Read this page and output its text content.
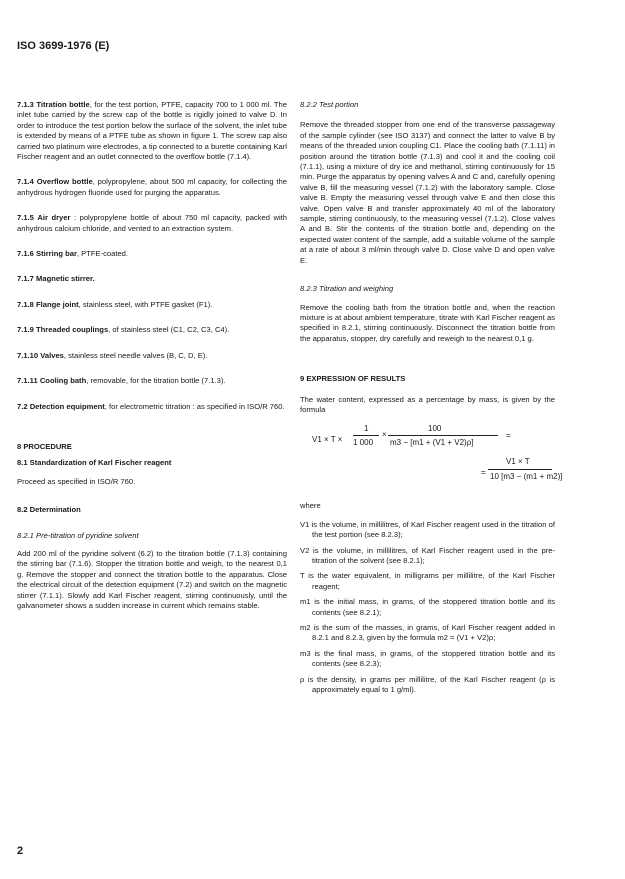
ISO 3699-1976 (E)

7.1.3 Titration bottle, for the test portion, PTFE, capacity 700 to 1 000 ml. The inlet tube carried by the screw cap of the bottle is rigidly joined to valve D. In order to introduce the test portion below the surface of the solvent, the inlet tube is extended by means of a PTFE tube as shown in figure 1. The screw cap also carried two platinum wire electrodes, a tip connected to a burette containing Karl Fischer reagent and an outlet connected to the overflow bottle (7.1.4).

7.1.4 Overflow bottle, polypropylene, about 500 ml capacity, for collecting the anhydrous hydrogen fluoride used for purging the apparatus.

7.1.5 Air dryer : polypropylene bottle of about 750 ml capacity, packed with anhydrous calcium chloride, and vented to an extraction system.

7.1.6 Stirring bar, PTFE-coated.

7.1.7 Magnetic stirrer.

7.1.8 Flange joint, stainless steel, with PTFE gasket (F1).

7.1.9 Threaded couplings, of stainless steel (C1, C2, C3, C4).

7.1.10 Valves, stainless steel needle valves (B, C, D, E).

7.1.11 Cooling bath, removable, for the titration bottle (7.1.3).

7.2 Detection equipment, for electrometric titration : as specified in ISO/R 760.

8 PROCEDURE

8.1 Standardization of Karl Fischer reagent

Proceed as specified in ISO/R 760.

8.2 Determination

8.2.1 Pre-titration of pyridine solvent

Add 200 ml of the pyridine solvent (6.2) to the titration bottle (7.1.3) containing the stirring bar (7.1.6). Stopper the titration bottle and weigh, to the nearest 0,1 g. Remove the stopper and connect the titration bottle to the apparatus. Close the electrical circuit of the detection equipment (7.2) and switch on the magnetic stirrer (7.1.1). Slowly add Karl Fischer reagent, stirring continuously, until the galvanometer shows a sudden increase in current which remains stable.

8.2.2 Test portion

Remove the threaded stopper from one end of the transverse passageway of the sample cylinder (see ISO 3137) and connect the latter to valve B by means of the threaded union coupling C1. Place the cooling bath (7.1.11) in position around the titration bottle (7.1.3) and cool it and the cooling coil (7.1.1), using a mixture of dry ice and methanol, stirring continuously for 15 min. Purge the apparatus by opening valves A and C and, carefully opening valve B, fill the measuring vessel (7.1.2) with the laboratory sample. Close valve B. Empty the measuring vessel through valve E and then close this valve. Open valve B and transfer approximately 40 ml of the laboratory sample, stirring continuously, to the measuring vessel (7.1.2). Close valves A and B. Stir the contents of the titration bottle and, depending on the expected water content of the sample, add a suitable volume of the sample at a rate of about 3 ml/min through valve D. Close valve D and open valve E.

8.2.3 Titration and weighing

Remove the cooling bath from the titration bottle and, when the reaction mixture is at about ambient temperature, titrate with Karl Fischer reagent as specified in 8.2.1, stirring continuously. Disconnect the titration bottle from the apparatus, stopper, dry carefully and reweigh to the nearest 0,1 g.

9 EXPRESSION OF RESULTS

The water content, expressed as a percentage by mass, is given by the formula

V1 × T ×
1
1 000
×
100
m3 − [m1 + (V1 + V2)ρ]
=
=
V1 × T
10 [m3 − (m1 + m2)]

where

V1 is the volume, in millilitres, of Karl Fischer reagent used in the titration of the test portion (see 8.2.3);

V2 is the volume, in millilitres, of Karl Fischer reagent used in the pre-titration of the solvent (see 8.2.1);

T is the water equivalent, in milligrams per millilitre, of the Karl Fischer reagent;

m1 is the initial mass, in grams, of the stoppered titration bottle and its contents (see 8.2.1);

m2 is the sum of the masses, in grams, of Karl Fischer reagent added in 8.2.1 and 8.2.3, given by the formula m2 = (V1 + V2)ρ;

m3 is the final mass, in grams, of the stoppered titration bottle and its contents (see 8.2.3);

ρ is the density, in grams per millilitre, of the Karl Fischer reagent (ρ is approximately equal to 1 g/ml).

2
